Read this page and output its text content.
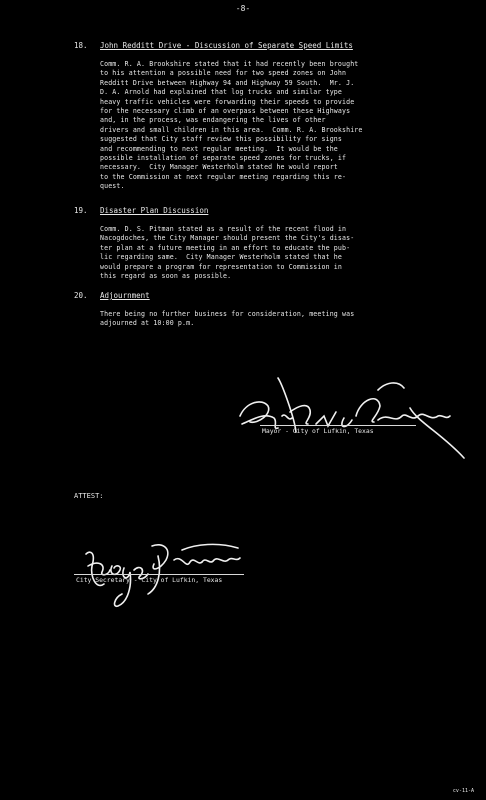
-8-
18.	John Redditt Drive - Discussion of Separate Speed Limits
Comm. R. A. Brookshire stated that it had recently been brought
to his attention a possible need for two speed zones on John
Redditt Drive between Highway 94 and Highway 59 South.  Mr. J.
D. A. Arnold had explained that log trucks and similar type
heavy traffic vehicles were forwarding their speeds to provide
for the necessary climb of an overpass between these Highways
and, in the process, was endangering the lives of other
drivers and small children in this area.  Comm. R. A. Brookshire
suggested that City staff review this possibility for signs
and recommending to next regular meeting.  It would be the
possible installation of separate speed zones for trucks, if
necessary.  City Manager Westerholm stated he would report
to the Commission at next regular meeting regarding this re-
quest.
19.	Disaster Plan Discussion
Comm. D. S. Pitman stated as a result of the recent flood in
Nacogdoches, the City Manager should present the City's disas-
ter plan at a future meeting in an effort to educate the pub-
lic regarding same.  City Manager Westerholm stated that he
would prepare a program for representation to Commission in
this regard as soon as possible.
20.	Adjournment
There being no further business for consideration, meeting was
adjourned at 10:00 p.m.
Mayor - City of Lufkin, Texas
ATTEST:
City Secretary - City of Lufkin, Texas
cv-11-A
